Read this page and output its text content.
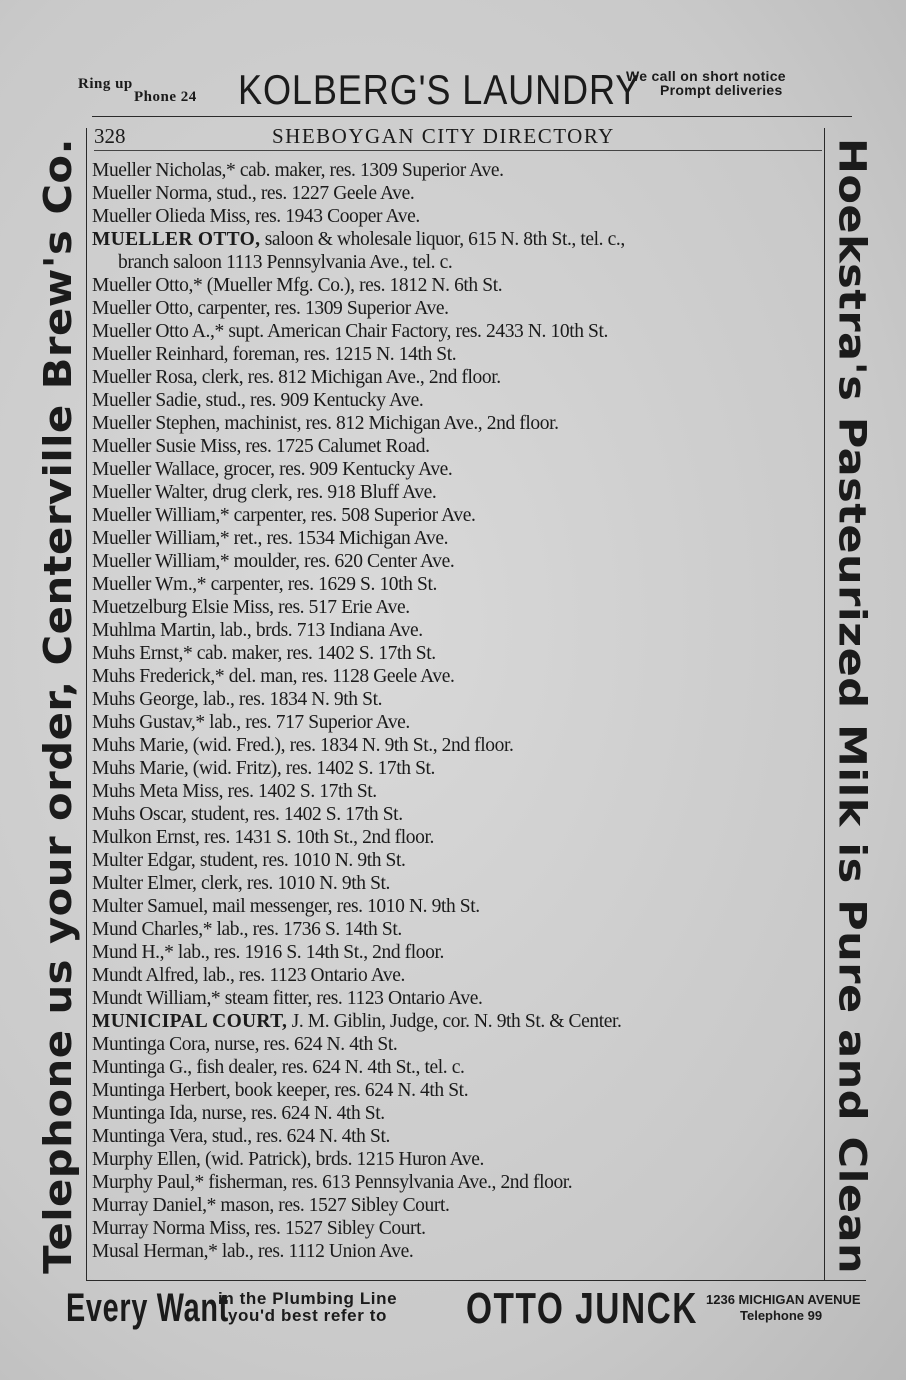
Ring up
Phone 24 KOLBERG'S LAUNDRY
We call on short notice
Prompt deliveries
Telephone us your order, Centerville Brew's Co.	Hoekstra's Pasteurized Milk is Pure and Clean
328	SHEBOYGAN CITY DIRECTORY
Mueller Nicholas,* cab. maker, res. 1309 Superior Ave.
Mueller Norma, stud., res. 1227 Geele Ave.
Mueller Olieda Miss, res. 1943 Cooper Ave.
MUELLER OTTO, saloon & wholesale liquor, 615 N. 8th St., tel. c.,
branch saloon 1113 Pennsylvania Ave., tel. c.
Mueller Otto,* (Mueller Mfg. Co.), res. 1812 N. 6th St.
Mueller Otto, carpenter, res. 1309 Superior Ave.
Mueller Otto A.,* supt. American Chair Factory, res. 2433 N. 10th St.
Mueller Reinhard, foreman, res. 1215 N. 14th St.
Mueller Rosa, clerk, res. 812 Michigan Ave., 2nd floor.
Mueller Sadie, stud., res. 909 Kentucky Ave.
Mueller Stephen, machinist, res. 812 Michigan Ave., 2nd floor.
Mueller Susie Miss, res. 1725 Calumet Road.
Mueller Wallace, grocer, res. 909 Kentucky Ave.
Mueller Walter, drug clerk, res. 918 Bluff Ave.
Mueller William,* carpenter, res. 508 Superior Ave.
Mueller William,* ret., res. 1534 Michigan Ave.
Mueller William,* moulder, res. 620 Center Ave.
Mueller Wm.,* carpenter, res. 1629 S. 10th St.
Muetzelburg Elsie Miss, res. 517 Erie Ave.
Muhlma Martin, lab., brds. 713 Indiana Ave.
Muhs Ernst,* cab. maker, res. 1402 S. 17th St.
Muhs Frederick,* del. man, res. 1128 Geele Ave.
Muhs George, lab., res. 1834 N. 9th St.
Muhs Gustav,* lab., res. 717 Superior Ave.
Muhs Marie, (wid. Fred.), res. 1834 N. 9th St., 2nd floor.
Muhs Marie, (wid. Fritz), res. 1402 S. 17th St.
Muhs Meta Miss, res. 1402 S. 17th St.
Muhs Oscar, student, res. 1402 S. 17th St.
Mulkon Ernst, res. 1431 S. 10th St., 2nd floor.
Multer Edgar, student, res. 1010 N. 9th St.
Multer Elmer, clerk, res. 1010 N. 9th St.
Multer Samuel, mail messenger, res. 1010 N. 9th St.
Mund Charles,* lab., res. 1736 S. 14th St.
Mund H.,* lab., res. 1916 S. 14th St., 2nd floor.
Mundt Alfred, lab., res. 1123 Ontario Ave.
Mundt William,* steam fitter, res. 1123 Ontario Ave.
MUNICIPAL COURT, J. M. Giblin, Judge, cor. N. 9th St. & Center.
Muntinga Cora, nurse, res. 624 N. 4th St.
Muntinga G., fish dealer, res. 624 N. 4th St., tel. c.
Muntinga Herbert, book keeper, res. 624 N. 4th St.
Muntinga Ida, nurse, res. 624 N. 4th St.
Muntinga Vera, stud., res. 624 N. 4th St.
Murphy Ellen, (wid. Patrick), brds. 1215 Huron Ave.
Murphy Paul,* fisherman, res. 613 Pennsylvania Ave., 2nd floor.
Murray Daniel,* mason, res. 1527 Sibley Court.
Murray Norma Miss, res. 1527 Sibley Court.
Musal Herman,* lab., res. 1112 Union Ave.
Every Want
in the Plumbing Line
you'd best refer to OTTO JUNCK 1236 MICHIGAN AVENUE
Telephone 99
